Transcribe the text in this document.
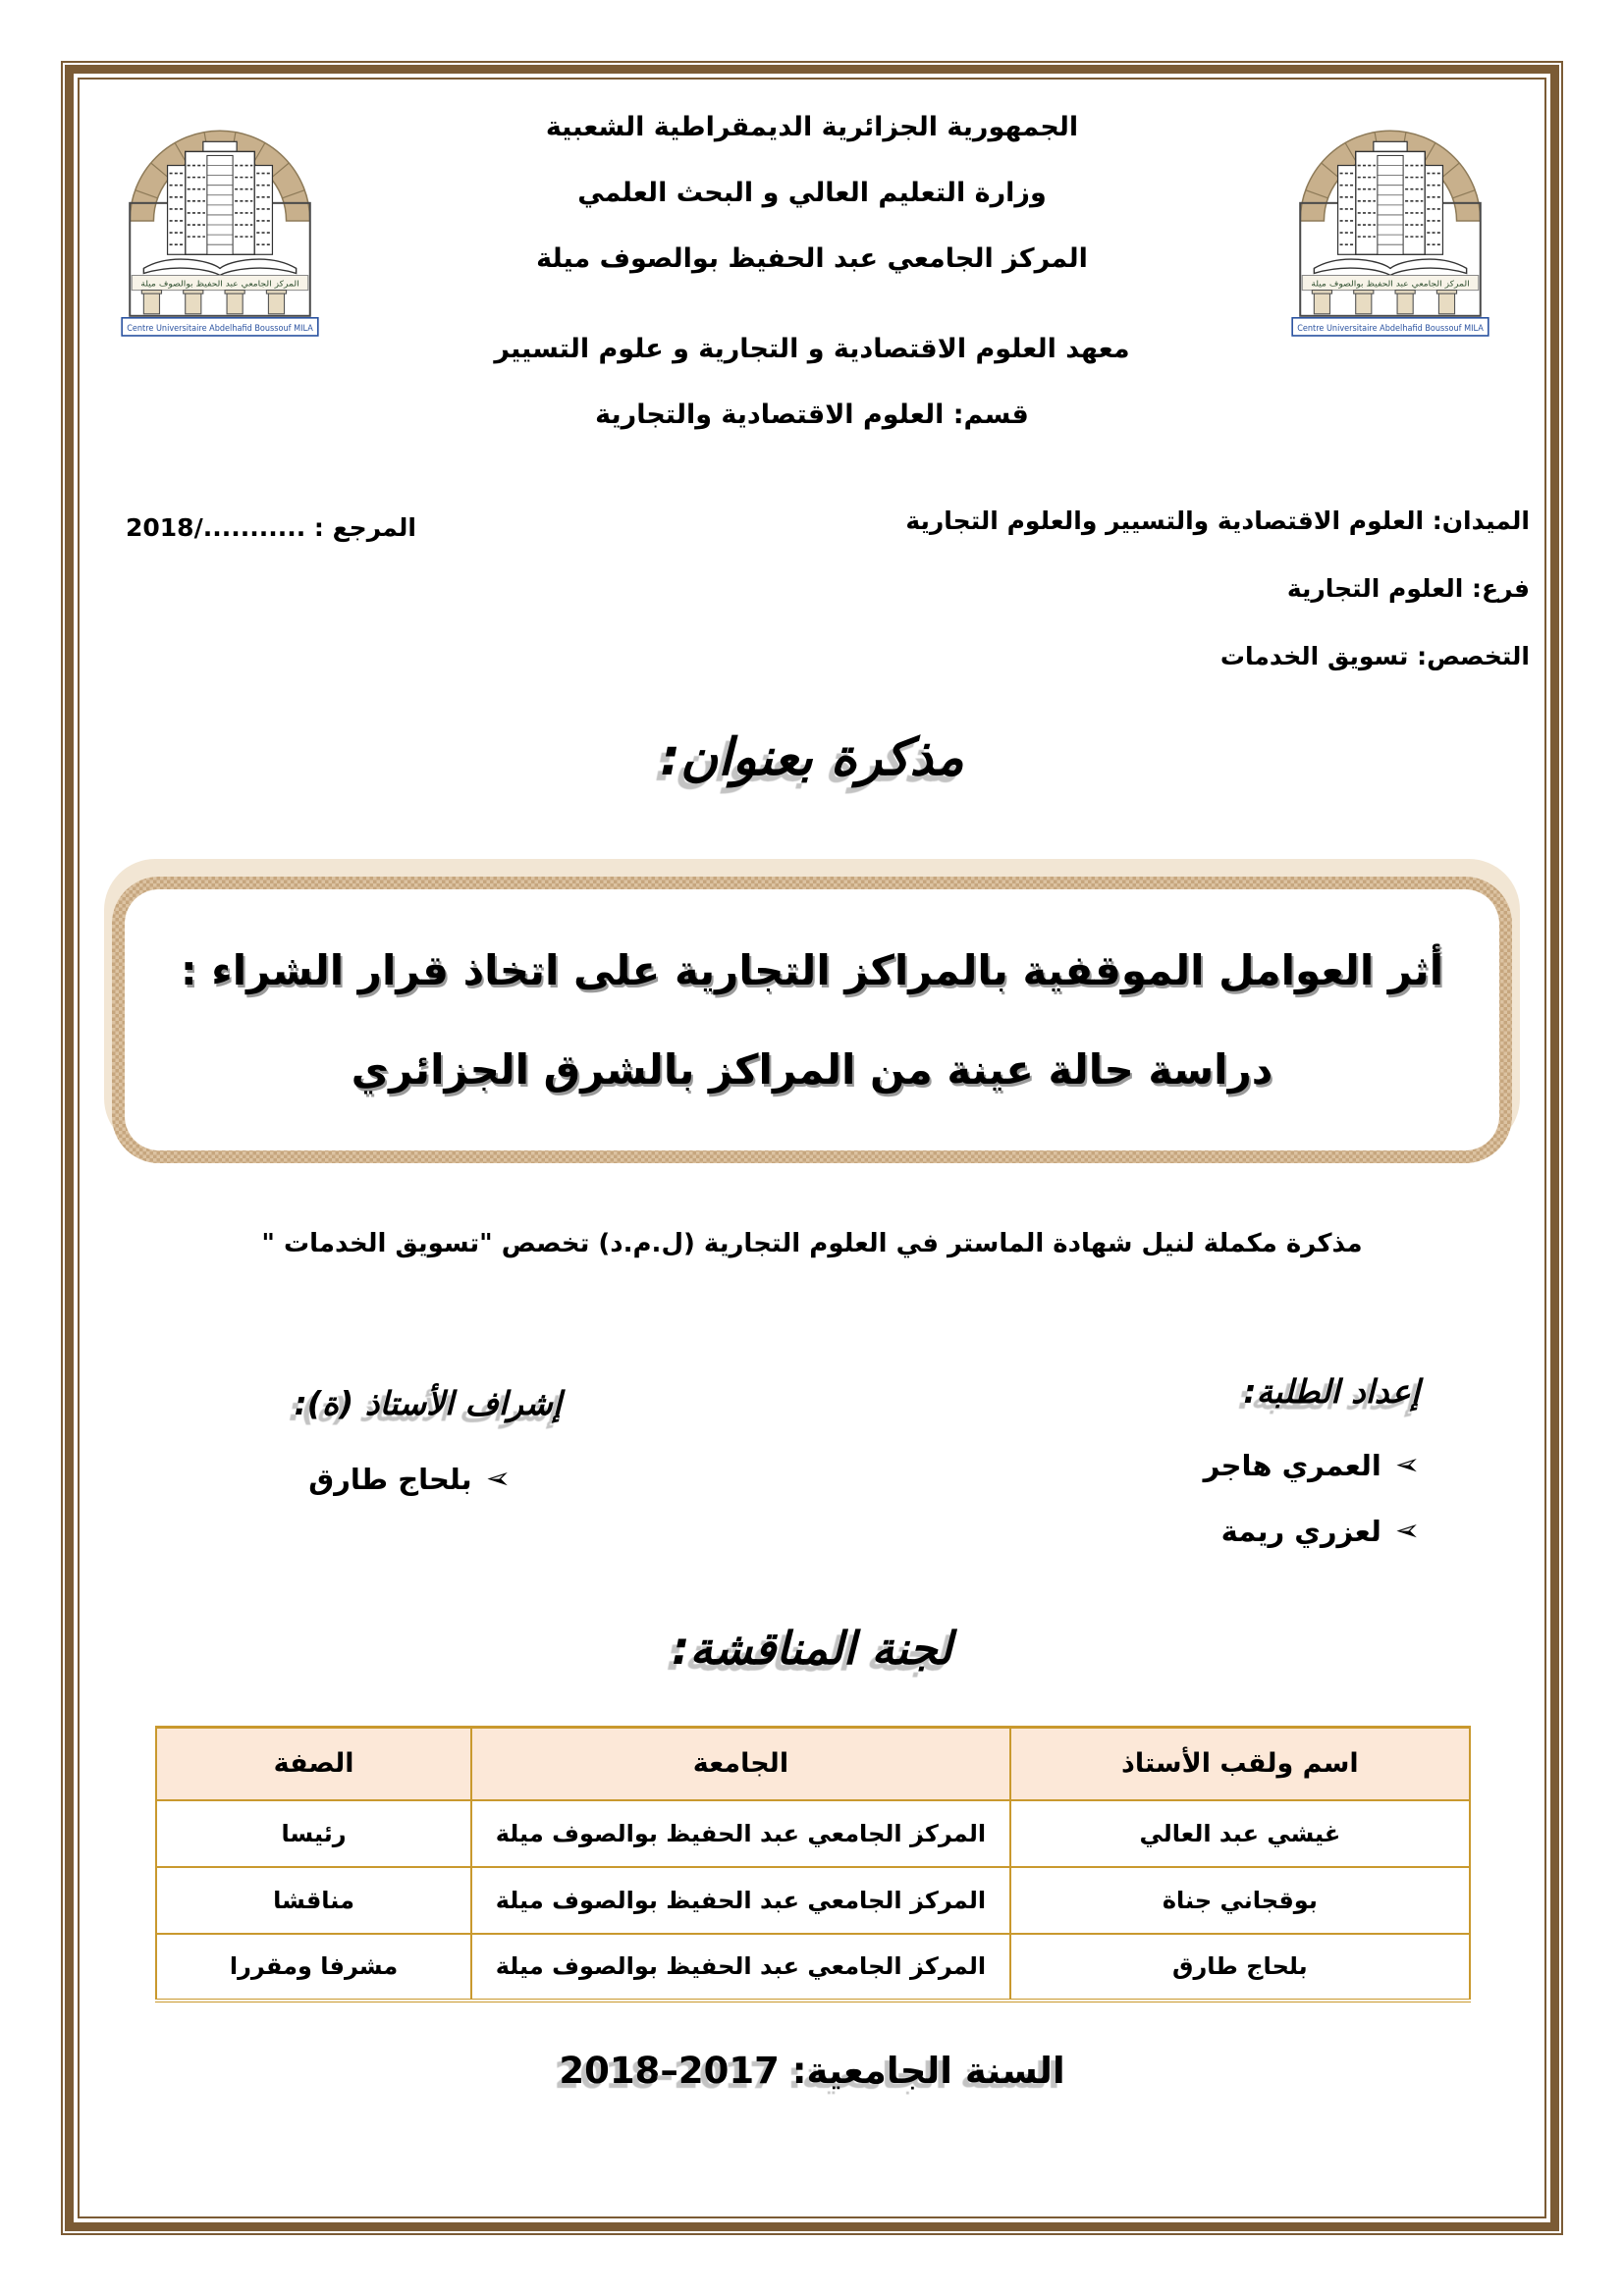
المركز الجامعي عبد الحفيظ بوالصوف ميلة
Centre Universitaire Abdelhafid Boussouf MILA
المركز الجامعي عبد الحفيظ بوالصوف ميلة
Centre Universitaire Abdelhafid Boussouf MILA
الجمهورية الجزائرية الديمقراطية الشعبية
وزارة التعليم العالي و البحث العلمي
المركز الجامعي عبد الحفيظ بوالصوف ميلة
معهد العلوم الاقتصادية و التجارية و علوم التسيير
قسم: العلوم الاقتصادية والتجارية
الميدان: العلوم الاقتصادية والتسيير والعلوم التجارية
فرع: العلوم التجارية
التخصص: تسويق الخدمات
المرجع : .........../2018
مذكرة بعنوان:
أثر العوامل الموقفية بالمراكز التجارية على اتخاذ قرار الشراء :
دراسة حالة عينة من المراكز بالشرق الجزائري
مذكرة مكملة لنيل شهادة الماستر في العلوم التجارية (ل.م.د) تخصص "تسويق الخدمات "
إعداد الطلبة:
➢
العمري هاجر
➢
لعزري ريمة
إشراف الأستاذ (ة):
➢
بلحاج طارق
لجنة المناقشة:
اسم ولقب الأستاذ	الجامعة	الصفة
غيشي عبد العالي	المركز الجامعي عبد الحفيظ بوالصوف ميلة	رئيسا
بوقجاني جناة	المركز الجامعي عبد الحفيظ بوالصوف ميلة	مناقشا
بلحاج طارق	المركز الجامعي عبد الحفيظ بوالصوف ميلة	مشرفا ومقررا
السنة الجامعية: 2017–2018
